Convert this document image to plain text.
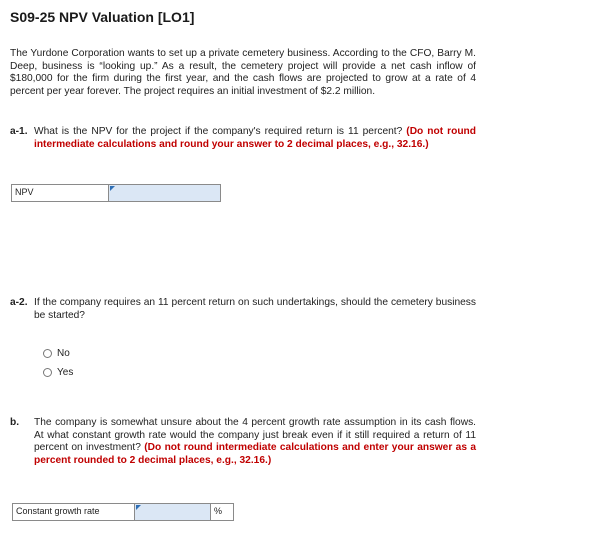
S09-25 NPV Valuation [LO1]
The Yurdone Corporation wants to set up a private cemetery business. According to the CFO, Barry M. Deep, business is “looking up.” As a result, the cemetery project will provide a net cash inflow of $180,000 for the firm during the first year, and the cash flows are projected to grow at a rate of 4 percent per year forever. The project requires an initial investment of $2.2 million.
a-1. What is the NPV for the project if the company's required return is 11 percent? (Do not round intermediate calculations and round your answer to 2 decimal places, e.g., 32.16.)
NPV
a-2. If the company requires an 11 percent return on such undertakings, should the cemetery business be started?
No
Yes
b. The company is somewhat unsure about the 4 percent growth rate assumption in its cash flows. At what constant growth rate would the company just break even if it still required a return of 11 percent on investment? (Do not round intermediate calculations and enter your answer as a percent rounded to 2 decimal places, e.g., 32.16.)
Constant growth rate	%
